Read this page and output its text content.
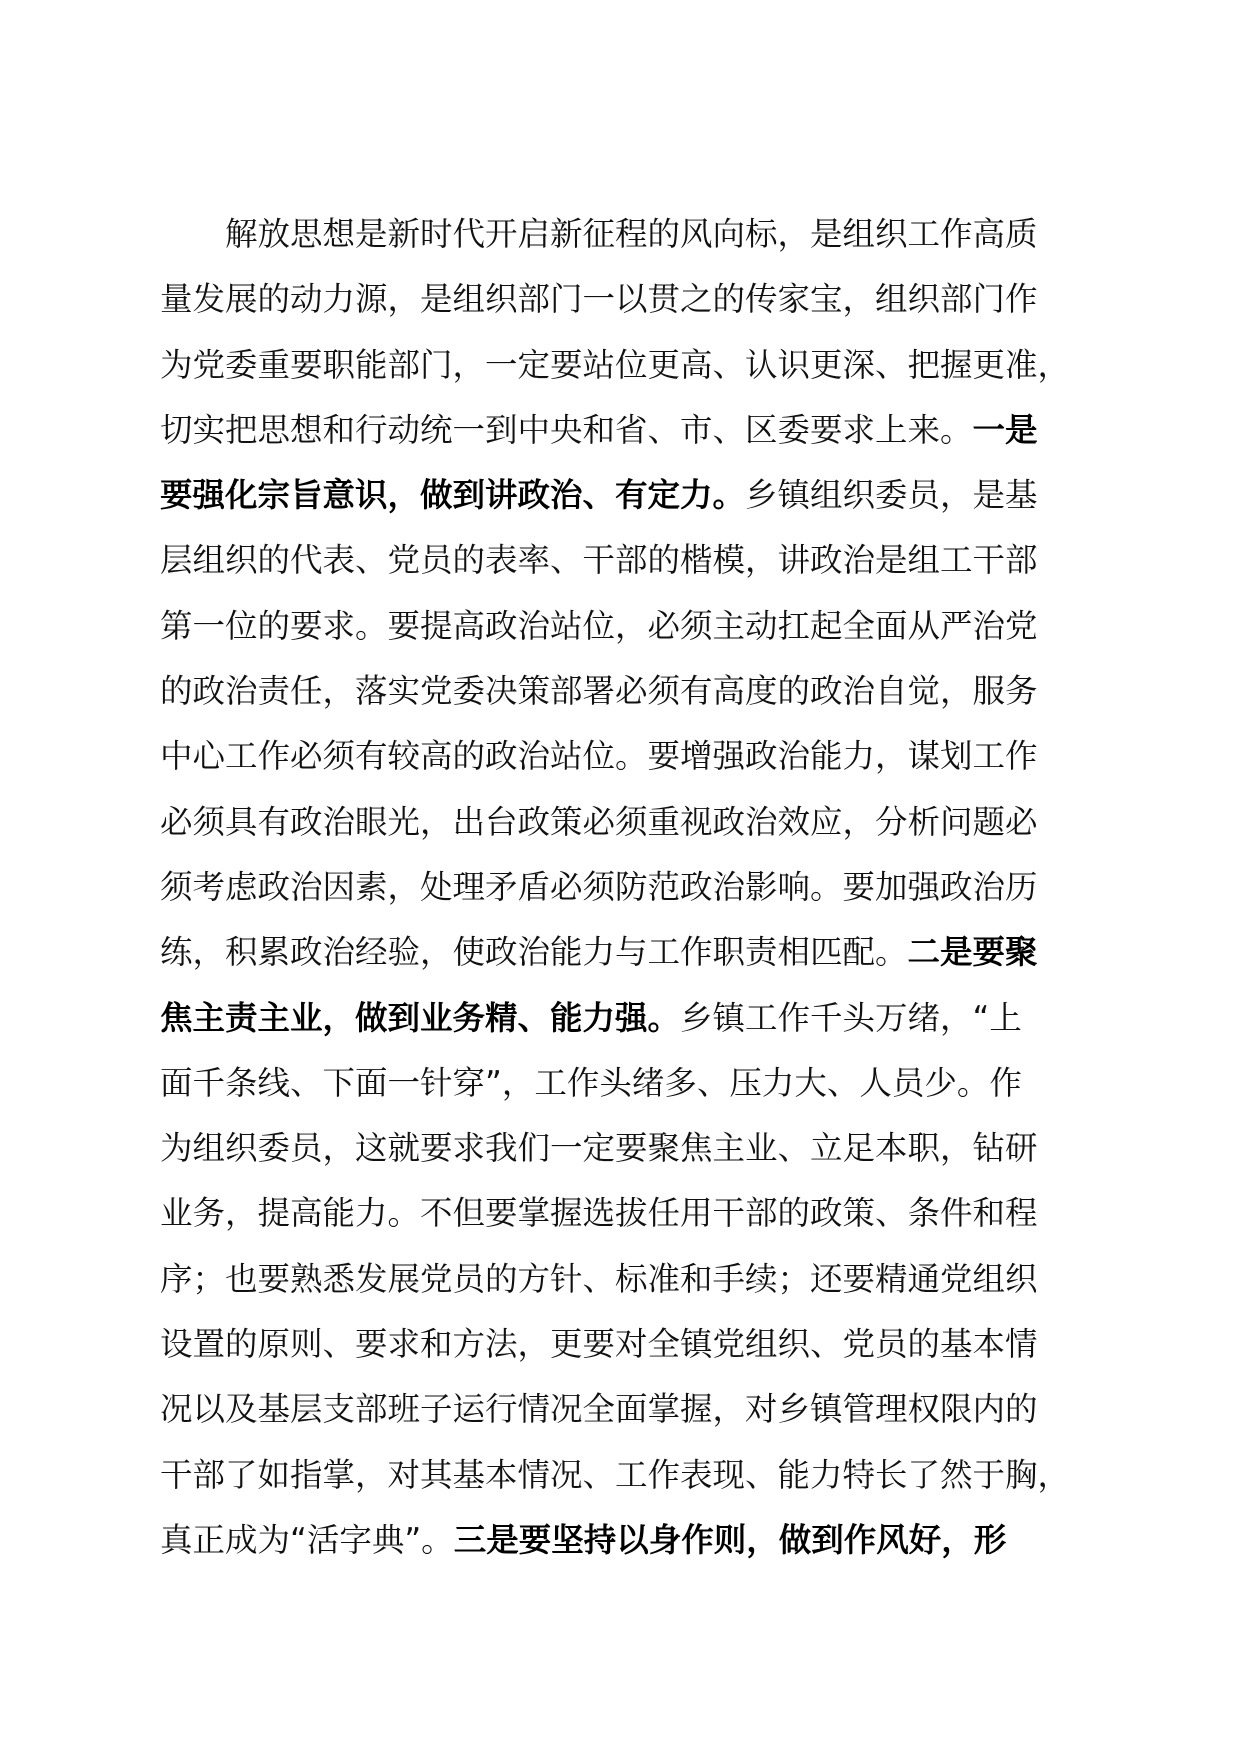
　　解放思想是新时代开启新征程的风向标，是组织工作高质
量发展的动力源，是组织部门一以贯之的传家宝，组织部门作
为党委重要职能部门，一定要站位更高、认识更深、把握更准，
切实把思想和行动统一到中央和省、市、区委要求上来。一是
要强化宗旨意识，做到讲政治、有定力。乡镇组织委员，是基
层组织的代表、党员的表率、干部的楷模，讲政治是组工干部
第一位的要求。要提高政治站位，必须主动扛起全面从严治党
的政治责任，落实党委决策部署必须有高度的政治自觉，服务
中心工作必须有较高的政治站位。要增强政治能力，谋划工作
必须具有政治眼光，出台政策必须重视政治效应，分析问题必
须考虑政治因素，处理矛盾必须防范政治影响。要加强政治历
练，积累政治经验，使政治能力与工作职责相匹配。二是要聚
焦主责主业，做到业务精、能力强。乡镇工作千头万绪，“上
面千条线、下面一针穿”，工作头绪多、压力大、人员少。作
为组织委员，这就要求我们一定要聚焦主业、立足本职，钻研
业务，提高能力。不但要掌握选拔任用干部的政策、条件和程
序；也要熟悉发展党员的方针、标准和手续；还要精通党组织
设置的原则、要求和方法，更要对全镇党组织、党员的基本情
况以及基层支部班子运行情况全面掌握，对乡镇管理权限内的
干部了如指掌，对其基本情况、工作表现、能力特长了然于胸，
真正成为“活字典”。三是要坚持以身作则，做到作风好，形
